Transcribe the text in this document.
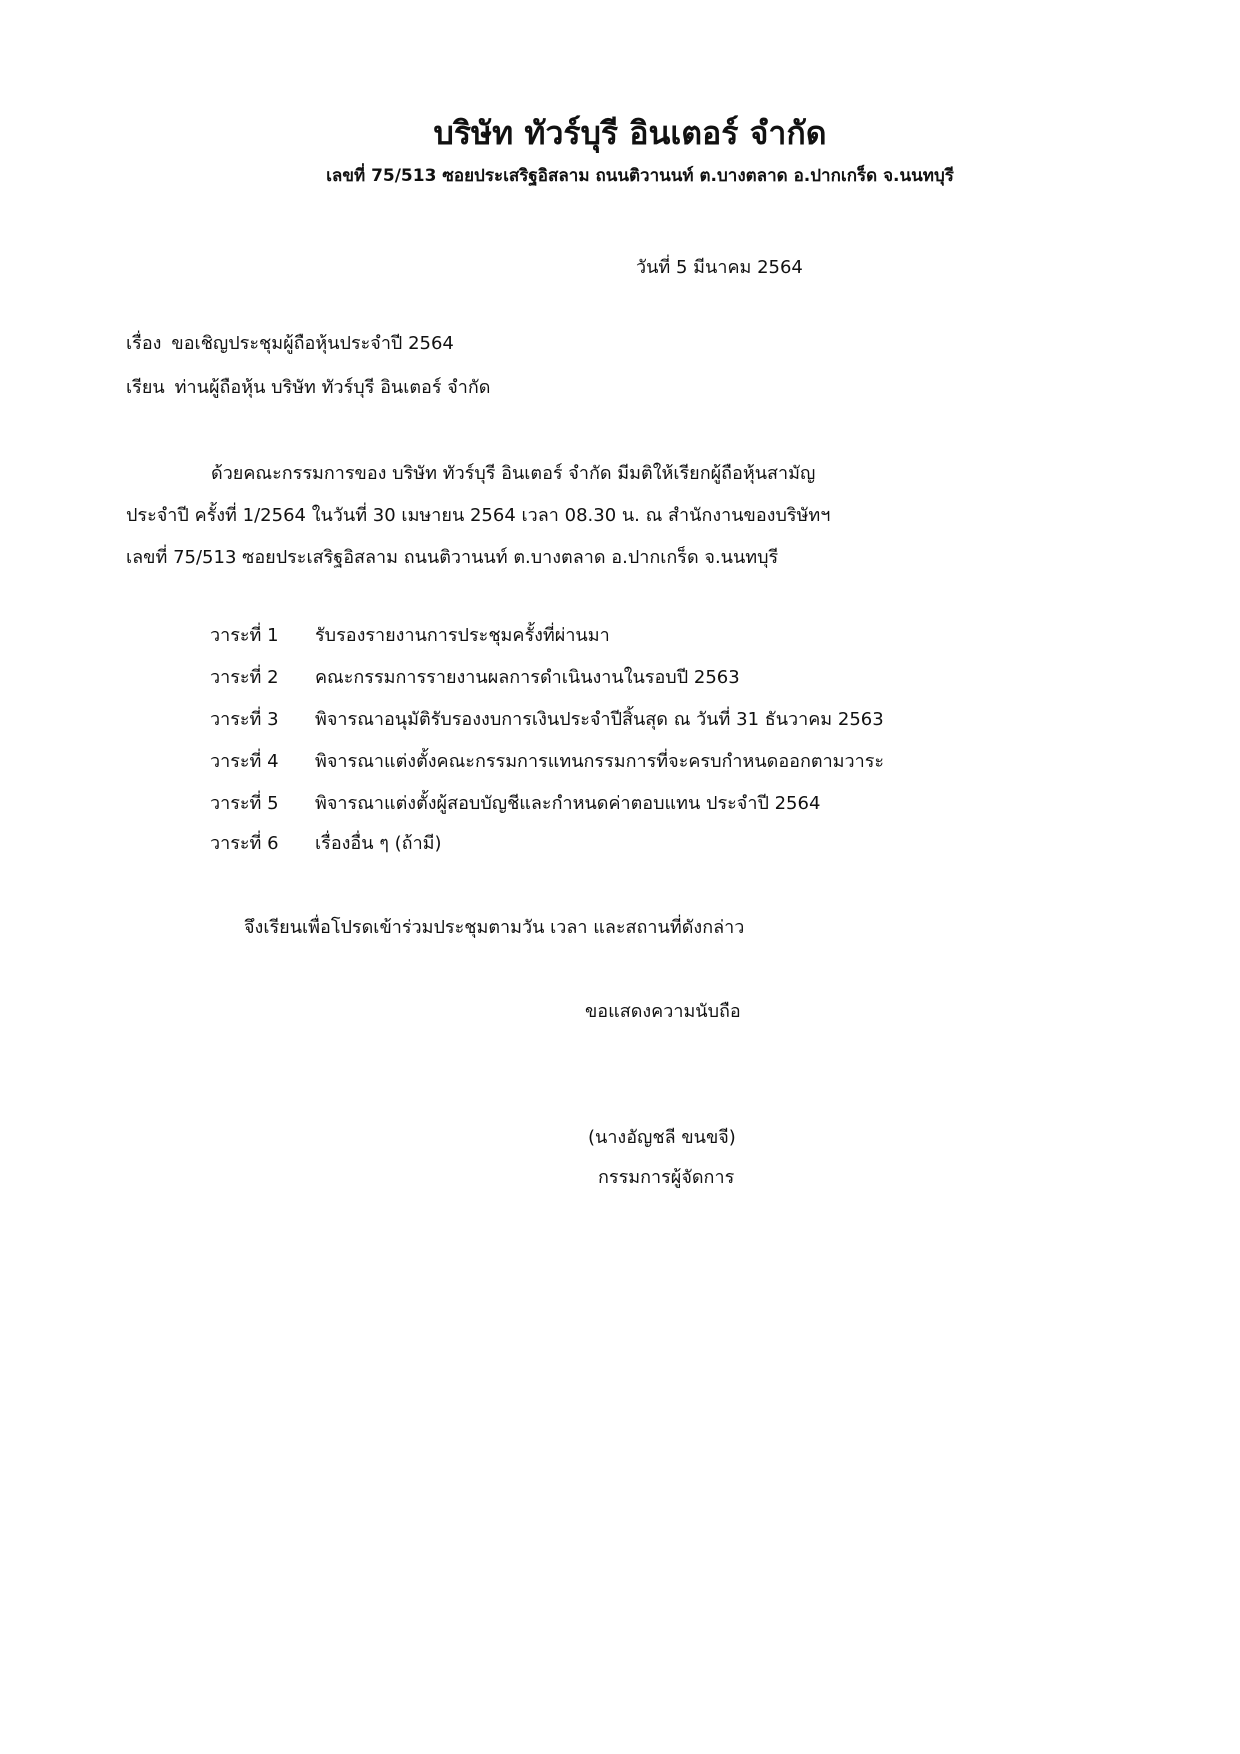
บริษัท ทัวร์บุรี อินเตอร์ จำกัด
เลขที่ 75/513 ซอยประเสริฐอิสลาม ถนนติวานนท์ ต.บางตลาด อ.ปากเกร็ด จ.นนทบุรี
วันที่ 5 มีนาคม 2564
เรื่อง ขอเชิญประชุมผู้ถือหุ้นประจำปี 2564
เรียน ท่านผู้ถือหุ้น บริษัท ทัวร์บุรี อินเตอร์ จำกัด
ด้วยคณะกรรมการของ บริษัท ทัวร์บุรี อินเตอร์ จำกัด มีมติให้เรียกผู้ถือหุ้นสามัญ
ประจำปี ครั้งที่ 1/2564 ในวันที่ 30 เมษายน 2564 เวลา 08.30 น. ณ สำนักงานของบริษัทฯ
เลขที่ 75/513 ซอยประเสริฐอิสลาม ถนนติวานนท์ ต.บางตลาด อ.ปากเกร็ด จ.นนทบุรี
วาระที่ 1 รับรองรายงานการประชุมครั้งที่ผ่านมา
วาระที่ 2 คณะกรรมการรายงานผลการดำเนินงานในรอบปี 2563
วาระที่ 3 พิจารณาอนุมัติรับรองงบการเงินประจำปีสิ้นสุด ณ วันที่ 31 ธันวาคม 2563
วาระที่ 4 พิจารณาแต่งตั้งคณะกรรมการแทนกรรมการที่จะครบกำหนดออกตามวาระ
วาระที่ 5 พิจารณาแต่งตั้งผู้สอบบัญชีและกำหนดค่าตอบแทน ประจำปี 2564
วาระที่ 6 เรื่องอื่น ๆ (ถ้ามี)
จึงเรียนเพื่อโปรดเข้าร่วมประชุมตามวัน เวลา และสถานที่ดังกล่าว
ขอแสดงความนับถือ
(นางอัญชลี ขนขจี)
กรรมการผู้จัดการ
